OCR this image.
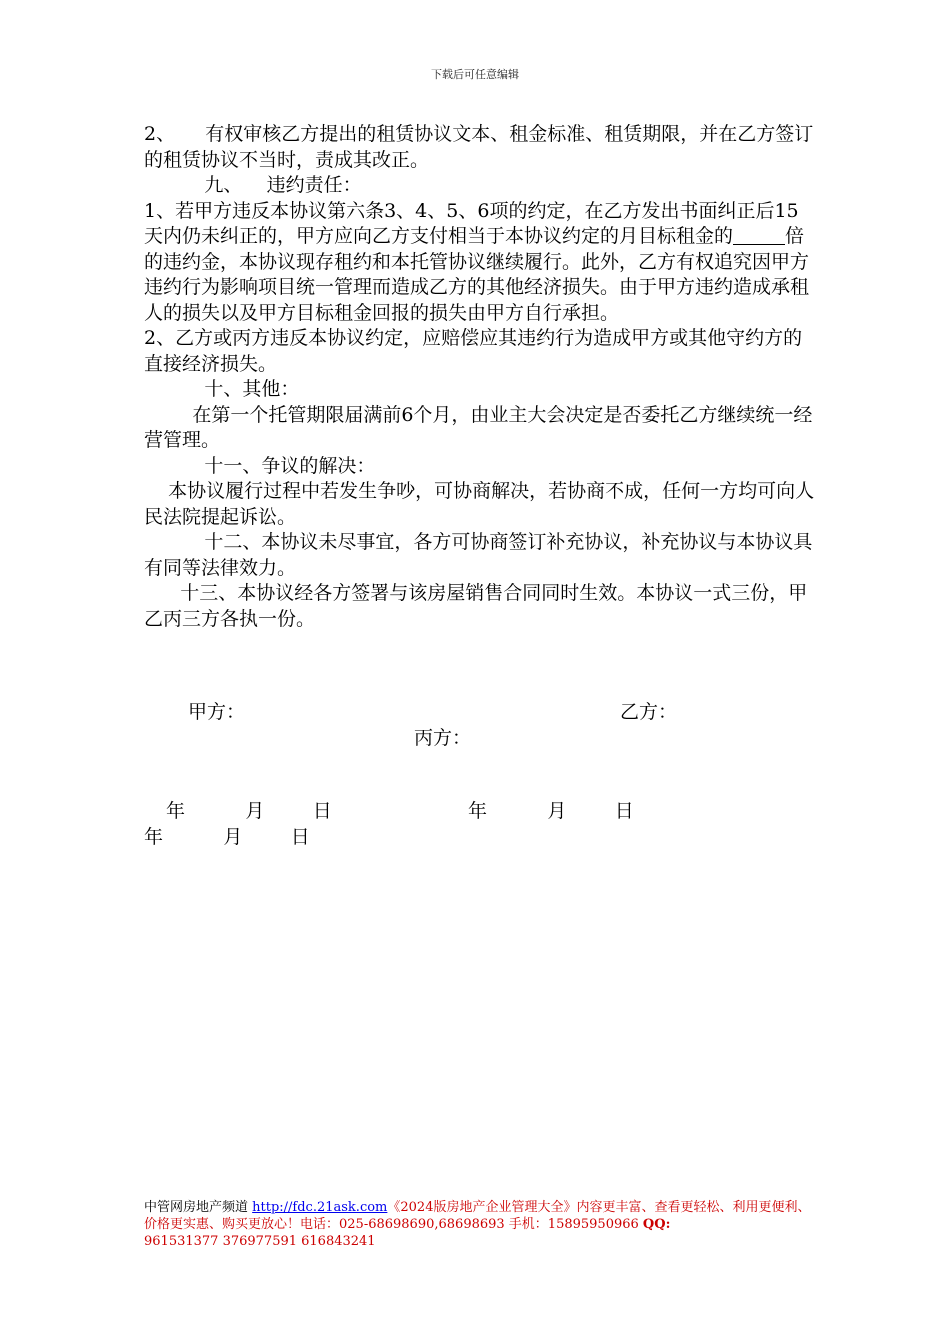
下载后可任意编辑

2、     有权审核乙方提出的租赁协议文本、租金标准、租赁期限，并在乙方签订的租赁协议不当时，责成其改正。

九、    违约责任：

1、若甲方违反本协议第六条3、4、5、6项的约定，在乙方发出书面纠正后15天内仍未纠正的，甲方应向乙方支付相当于本协议约定的月目标租金的	倍的违约金，本协议现存租约和本托管协议继续履行。此外，乙方有权追究因甲方违约行为影响项目统一管理而造成乙方的其他经济损失。由于甲方违约造成承租人的损失以及甲方目标租金回报的损失由甲方自行承担。

2、乙方或丙方违反本协议约定，应赔偿应其违约行为造成甲方或其他守约方的直接经济损失。

十、其他：

在第一个托管期限届满前6个月，由业主大会决定是否委托乙方继续统一经营管理。

十一、争议的解决：

本协议履行过程中若发生争吵，可协商解决，若协商不成，任何一方均可向人民法院提起诉讼。

十二、本协议未尽事宜，各方可协商签订补充协议，补充协议与本协议具有同等法律效力。

十三、本协议经各方签署与该房屋销售合同同时生效。本协议一式三份，甲乙丙三方各执一份。

甲方：	乙方：
丙方：
年          月        日	年          月        日
年          月        日
中管网房地产频道 http://fdc.21ask.com《2024版房地产企业管理大全》内容更丰富、查看更轻松、利用更便利、价格更实惠、购买更放心！电话：025-68698690,68698693 手机：15895950966 QQ:
961531377 376977591 616843241
